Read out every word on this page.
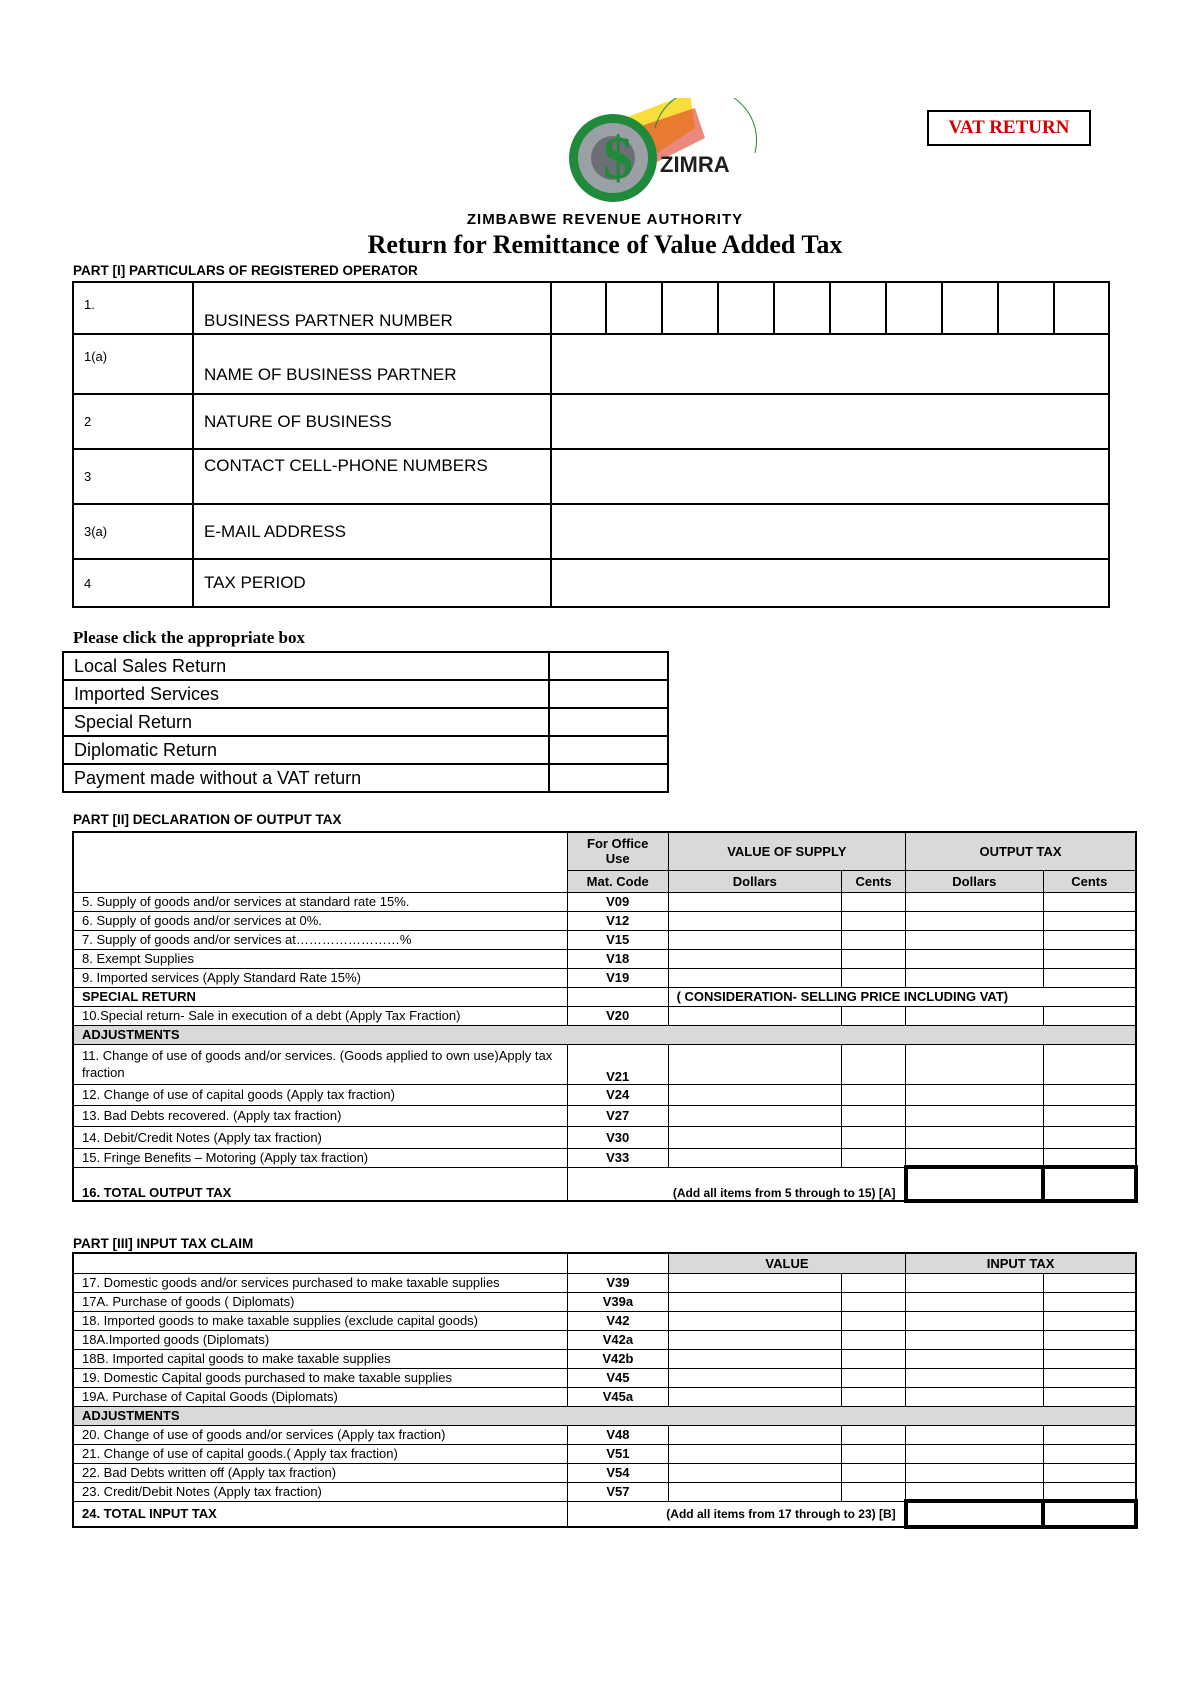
$ ZIMRA
VAT RETURN
ZIMBABWE REVENUE AUTHORITY
Return for Remittance of Value Added Tax
PART [I] PARTICULARS OF REGISTERED OPERATOR
1.	BUSINESS PARTNER NUMBER	

1(a)	NAME OF BUSINESS PARTNER	
2	NATURE OF BUSINESS	
3	CONTACT CELL-PHONE NUMBERS	
3(a)	E-MAIL ADDRESS	
4	TAX PERIOD	
Please click the appropriate box
Local Sales Return	
Imported Services	
Special Return	
Diplomatic Return	
Payment made without a VAT return	
PART [II] DECLARATION OF OUTPUT TAX
	For Office Use	VALUE OF SUPPLY		OUTPUT TAX	
	Mat. Code	Dollars	Cents	Dollars	Cents
5. Supply of goods and/or services at standard rate 15%.	V09				
6. Supply of goods and/or services at 0%.	V12				
7. Supply of goods and/or services at……………………%	V15				
8. Exempt Supplies	V18				
9. Imported services (Apply Standard Rate 15%)	V19				
SPECIAL RETURN		( CONSIDERATION- SELLING PRICE INCLUDING VAT)			
10.Special return- Sale in execution of a debt (Apply Tax Fraction)	V20				
ADJUSTMENTS					
11. Change of use of goods and/or services. (Goods applied to own use)Apply tax fraction	V21				
12. Change of use of capital goods (Apply tax fraction)	V24				
13. Bad Debts recovered. (Apply tax fraction)	V27				
14. Debit/Credit Notes (Apply tax fraction)	V30				
15. Fringe Benefits – Motoring (Apply tax fraction)	V33				
16. TOTAL OUTPUT TAX	(Add all items from 5 through to 15) [A]				
PART [III] INPUT TAX CLAIM
		VALUE		INPUT TAX	
17. Domestic goods and/or services purchased to make taxable supplies	V39				
17A. Purchase of goods ( Diplomats)	V39a				
18. Imported goods to make taxable supplies (exclude capital goods)	V42				
18A.Imported goods (Diplomats)	V42a				
18B. Imported capital goods to make taxable supplies	V42b				
19. Domestic Capital goods purchased to make taxable supplies	V45				
19A. Purchase of Capital Goods (Diplomats)	V45a				
ADJUSTMENTS					
20. Change of use of goods and/or services (Apply tax fraction)	V48				
21. Change of use of capital goods.( Apply tax fraction)	V51				
22. Bad Debts written off (Apply tax fraction)	V54				
23. Credit/Debit Notes (Apply tax fraction)	V57				
24. TOTAL INPUT TAX	(Add all items from 17 through to 23) [B]				
